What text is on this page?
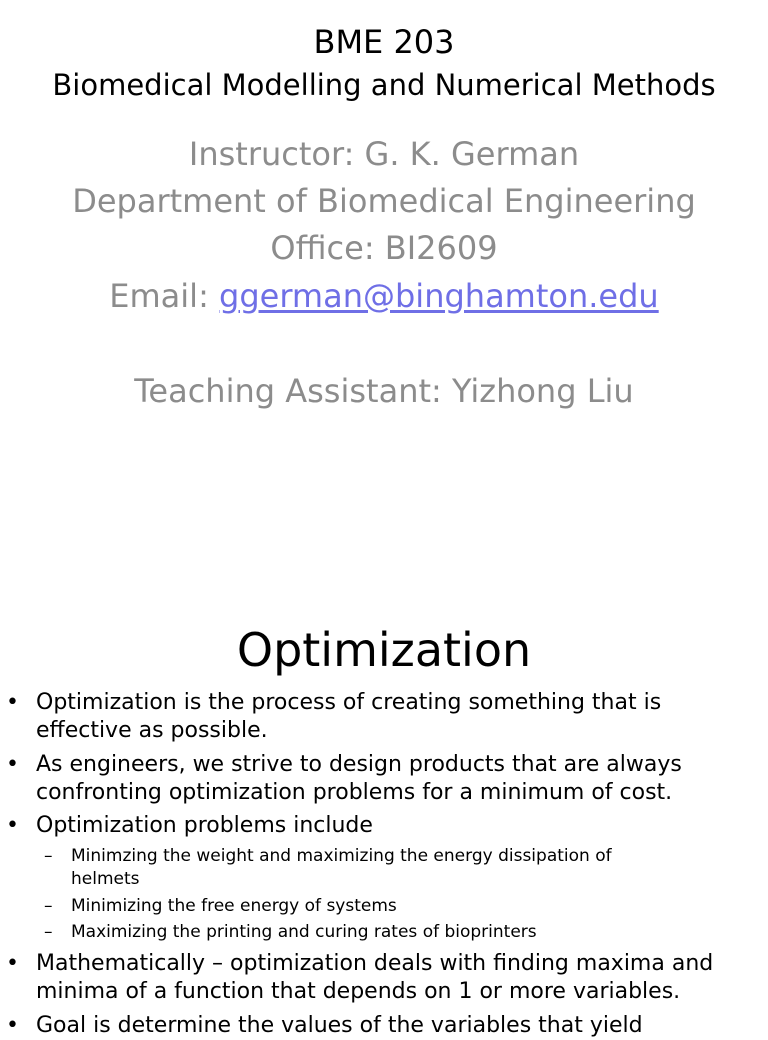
BME 203
Biomedical Modelling and Numerical Methods
Instructor: G. K. German
Department of Biomedical Engineering
Office: BI2609
Email: ggerman@binghamton.edu
Teaching Assistant: Yizhong Liu
Optimization
• Optimization is the process of creating something that is
effective as possible.
• As engineers, we strive to design products that are always
confronting optimization problems for a minimum of cost.
• Optimization problems include
– Minimzing the weight and maximizing the energy dissipation of
helmets
– Minimizing the free energy of systems
– Maximizing the printing and curing rates of bioprinters
• Mathematically – optimization deals with finding maxima and
minima of a function that depends on 1 or more variables.
• Goal is determine the values of the variables that yield
